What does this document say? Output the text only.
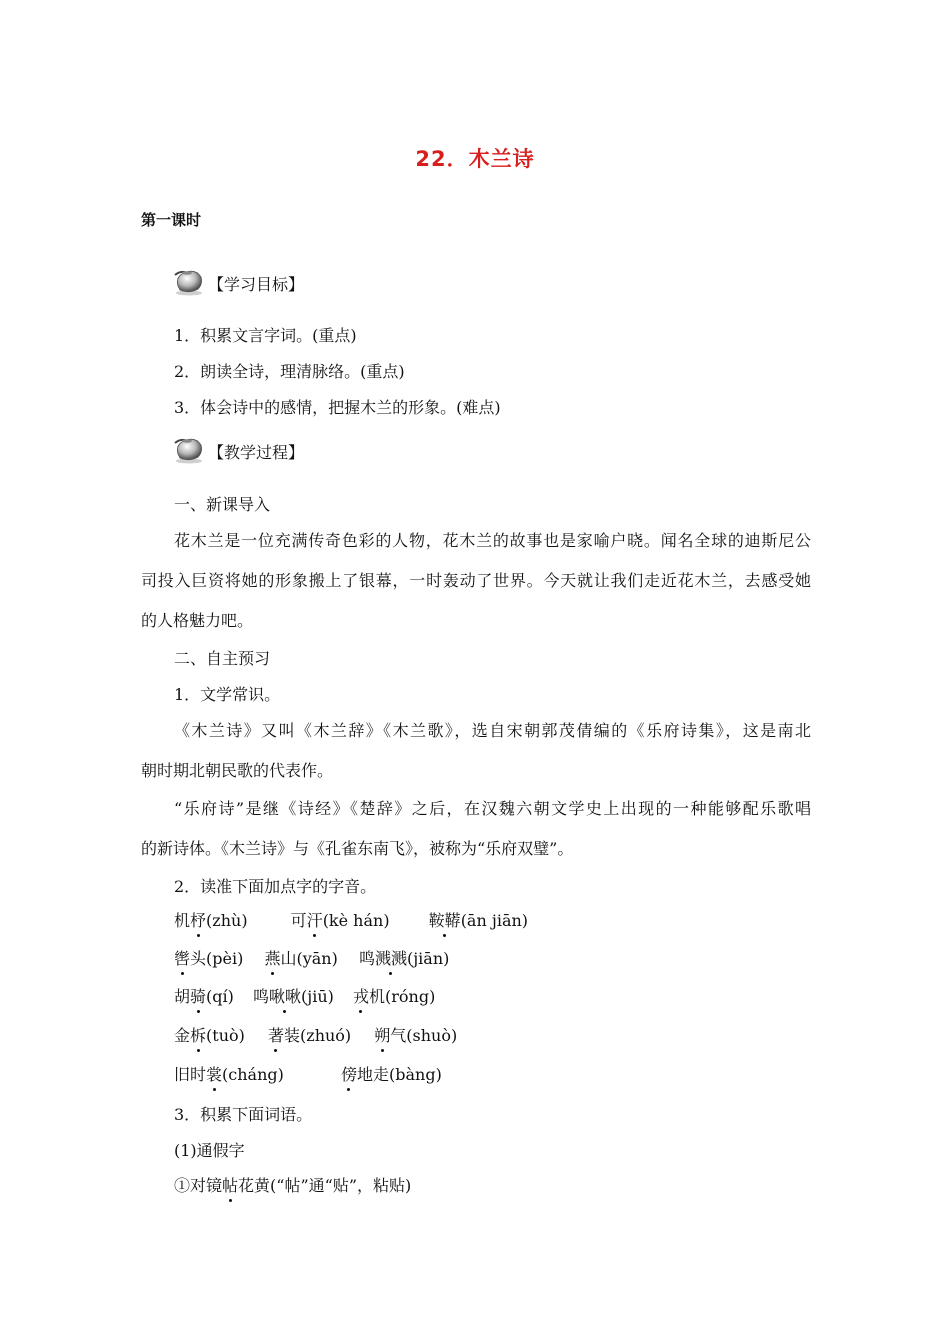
22．木兰诗
第一课时
【学习目标】
1．积累文言字词。(重点)
2．朗读全诗，理清脉络。(重点)
3．体会诗中的感情，把握木兰的形象。(难点)
【教学过程】
一、新课导入
花木兰是一位充满传奇色彩的人物，花木兰的故事也是家喻户晓。闻名全球的迪斯尼公
司投入巨资将她的形象搬上了银幕，一时轰动了世界。今天就让我们走近花木兰，去感受她
的人格魅力吧。
二、自主预习
1．文学常识。
《木兰诗》又叫《木兰辞》《木兰歌》，选自宋朝郭茂倩编的《乐府诗集》，这是南北
朝时期北朝民歌的代表作。
“乐府诗”是继《诗经》《楚辞》之后，在汉魏六朝文学史上出现的一种能够配乐歌唱
的新诗体。《木兰诗》与《孔雀东南飞》，被称为“乐府双璧”。
2．读准下面加点字的字音。
机杼(zhù)	可汗(kè hán) 鞍鞯(ān jiān)
辔头(pèi) 燕山(yān) 鸣溅溅(jiān)
胡骑(qí) 鸣啾啾(jiū) 戎机(róng)
金柝(tuò) 著装(zhuó) 朔气(shuò)
旧时裳(cháng)	傍地走(bàng)
3．积累下面词语。
(1)通假字
①对镜帖花黄(“帖”通“贴”，粘贴)
